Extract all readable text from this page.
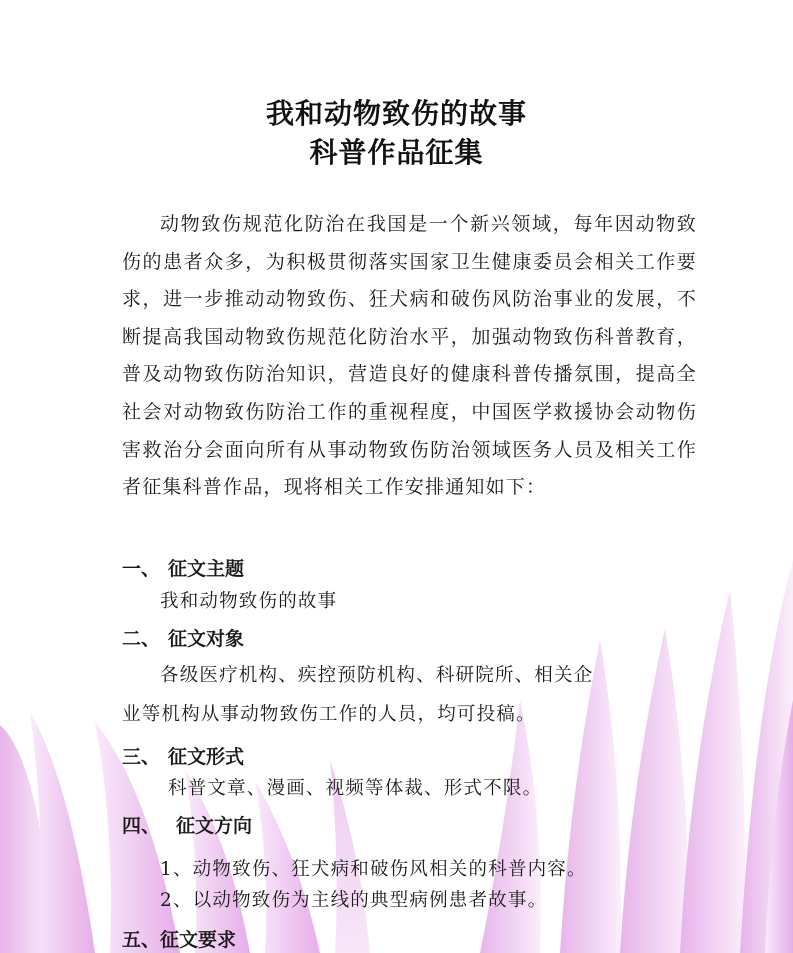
我和动物致伤的故事
科普作品征集

动物致伤规范化防治在我国是一个新兴领域，每年因动物致伤的患者众多，为积极贯彻落实国家卫生健康委员会相关工作要求，进一步推动动物致伤、狂犬病和破伤风防治事业的发展，不断提高我国动物致伤规范化防治水平，加强动物致伤科普教育，普及动物致伤防治知识，营造良好的健康科普传播氛围，提高全社会对动物致伤防治工作的重视程度，中国医学救援协会动物伤害救治分会面向所有从事动物致伤防治领域医务人员及相关工作者征集科普作品，现将相关工作安排通知如下：

一、 征文主题
我和动物致伤的故事
二、 征文对象
各级医疗机构、疾控预防机构、科研院所、相关企
业等机构从事动物致伤工作的人员，均可投稿。
三、 征文形式
科普文章、漫画、视频等体裁、形式不限。
四、 征文方向
1、动物致伤、狂犬病和破伤风相关的科普内容。
2、以动物致伤为主线的典型病例患者故事。
五、征文要求
